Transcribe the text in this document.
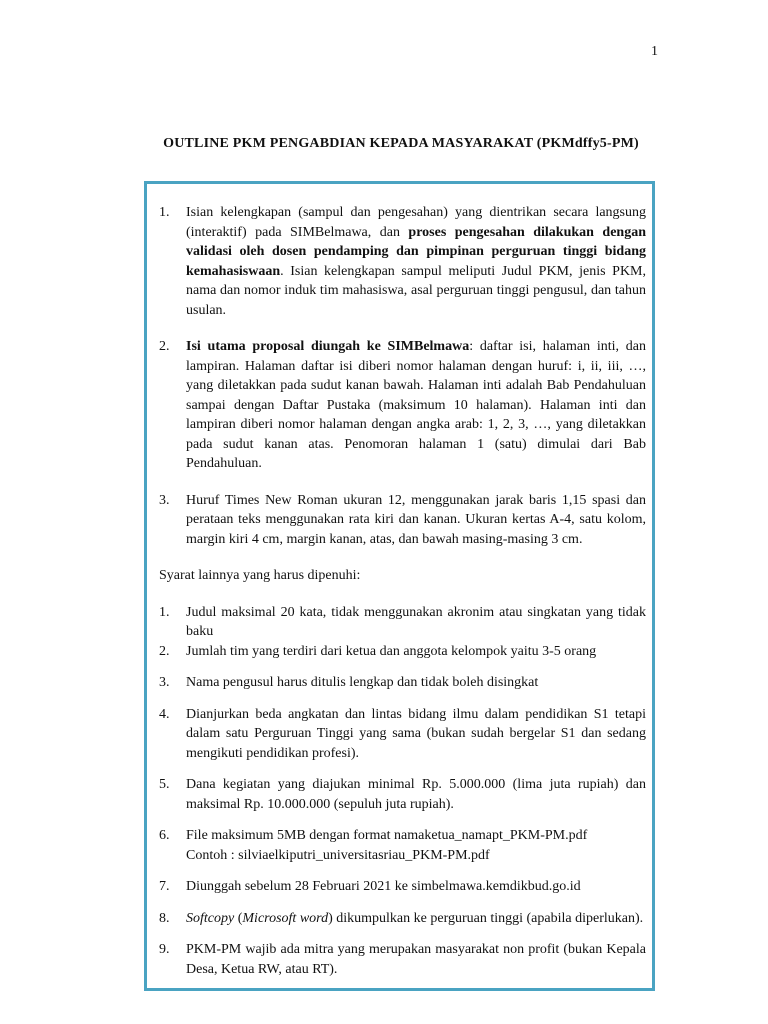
1
OUTLINE PKM PENGABDIAN KEPADA MASYARAKAT (PKMdffy5-PM)
1.	Isian kelengkapan (sampul dan pengesahan) yang dientrikan secara langsung (interaktif) pada SIMBelmawa, dan proses pengesahan dilakukan dengan validasi oleh dosen pendamping dan pimpinan perguruan tinggi bidang kemahasiswaan. Isian kelengkapan sampul meliputi Judul PKM, jenis PKM, nama dan nomor induk tim mahasiswa, asal perguruan tinggi pengusul, dan tahun usulan.
2.	Isi utama proposal diungah ke SIMBelmawa: daftar isi, halaman inti, dan lampiran. Halaman daftar isi diberi nomor halaman dengan huruf: i, ii, iii, …, yang diletakkan pada sudut kanan bawah. Halaman inti adalah Bab Pendahuluan sampai dengan Daftar Pustaka (maksimum 10 halaman). Halaman inti dan lampiran diberi nomor halaman dengan angka arab: 1, 2, 3, …, yang diletakkan pada sudut kanan atas. Penomoran halaman 1 (satu) dimulai dari Bab Pendahuluan.
3.	Huruf Times New Roman ukuran 12, menggunakan jarak baris 1,15 spasi dan perataan teks menggunakan rata kiri dan kanan. Ukuran kertas A-4, satu kolom, margin kiri 4 cm, margin kanan, atas, dan bawah masing-masing 3 cm.
Syarat lainnya yang harus dipenuhi:
1.	Judul maksimal 20 kata, tidak menggunakan akronim atau singkatan yang tidak baku
2.	Jumlah tim yang terdiri dari ketua dan anggota kelompok yaitu 3-5 orang
3.	Nama pengusul harus ditulis lengkap dan tidak boleh disingkat
4.	Dianjurkan beda angkatan dan lintas bidang ilmu dalam pendidikan S1 tetapi dalam satu Perguruan Tinggi yang sama (bukan sudah bergelar S1 dan sedang mengikuti pendidikan profesi).
5.	Dana kegiatan yang diajukan minimal Rp. 5.000.000 (lima juta rupiah) dan maksimal Rp. 10.000.000 (sepuluh juta rupiah).
6.	File maksimum 5MB dengan format namaketua_namapt_PKM-PM.pdf
Contoh : silviaelkiputri_universitasriau_PKM-PM.pdf
7.	Diunggah sebelum 28 Februari 2021 ke simbelmawa.kemdikbud.go.id
8.	Softcopy (Microsoft word) dikumpulkan ke perguruan tinggi (apabila diperlukan).
9.	PKM-PM wajib ada mitra yang merupakan masyarakat non profit (bukan Kepala Desa, Ketua RW, atau RT).
